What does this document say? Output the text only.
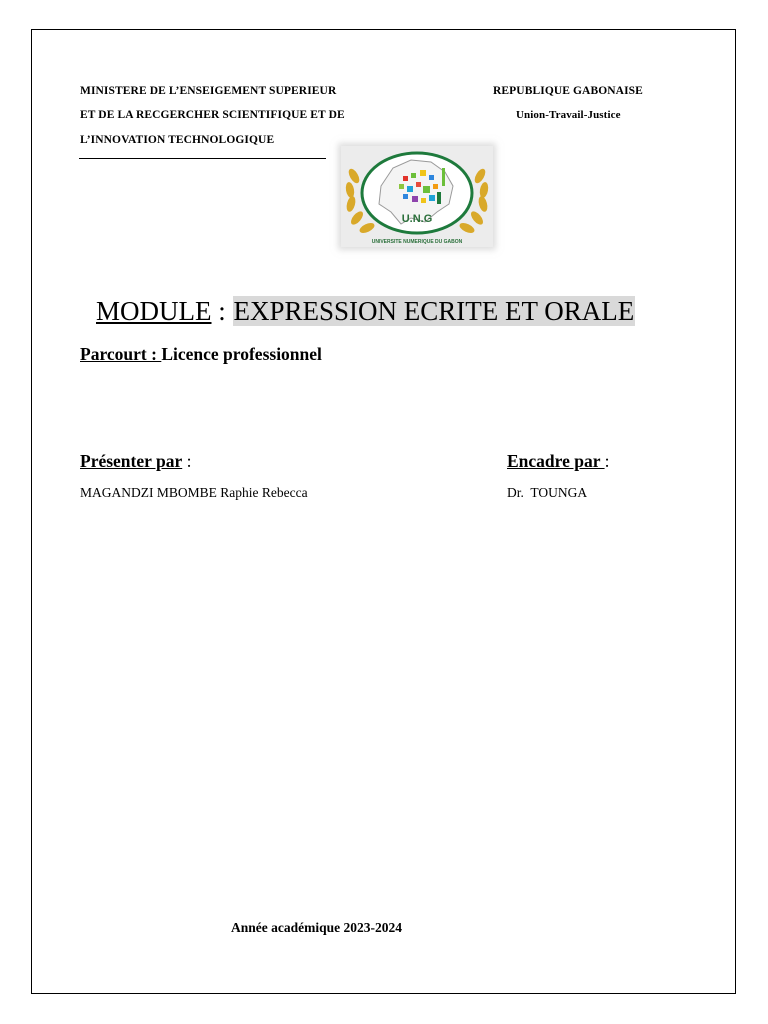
MINISTERE DE L’ENSEIGEMENT SUPERIEUR
ET DE LA RECGERCHER SCIENTIFIQUE ET DE
L’INNOVATION TECHNOLOGIQUE
REPUBLIQUE GABONAISE
Union-Travail-Justice
U.N.G
UNIVERSITE NUMERIQUE DU GABON
MODULE : EXPRESSION ECRITE ET ORALE
Parcourt : Licence professionnel
Présenter par :
MAGANDZI MBOMBE Raphie Rebecca
Encadre par :
Dr.  TOUNGA
Année académique 2023-2024
